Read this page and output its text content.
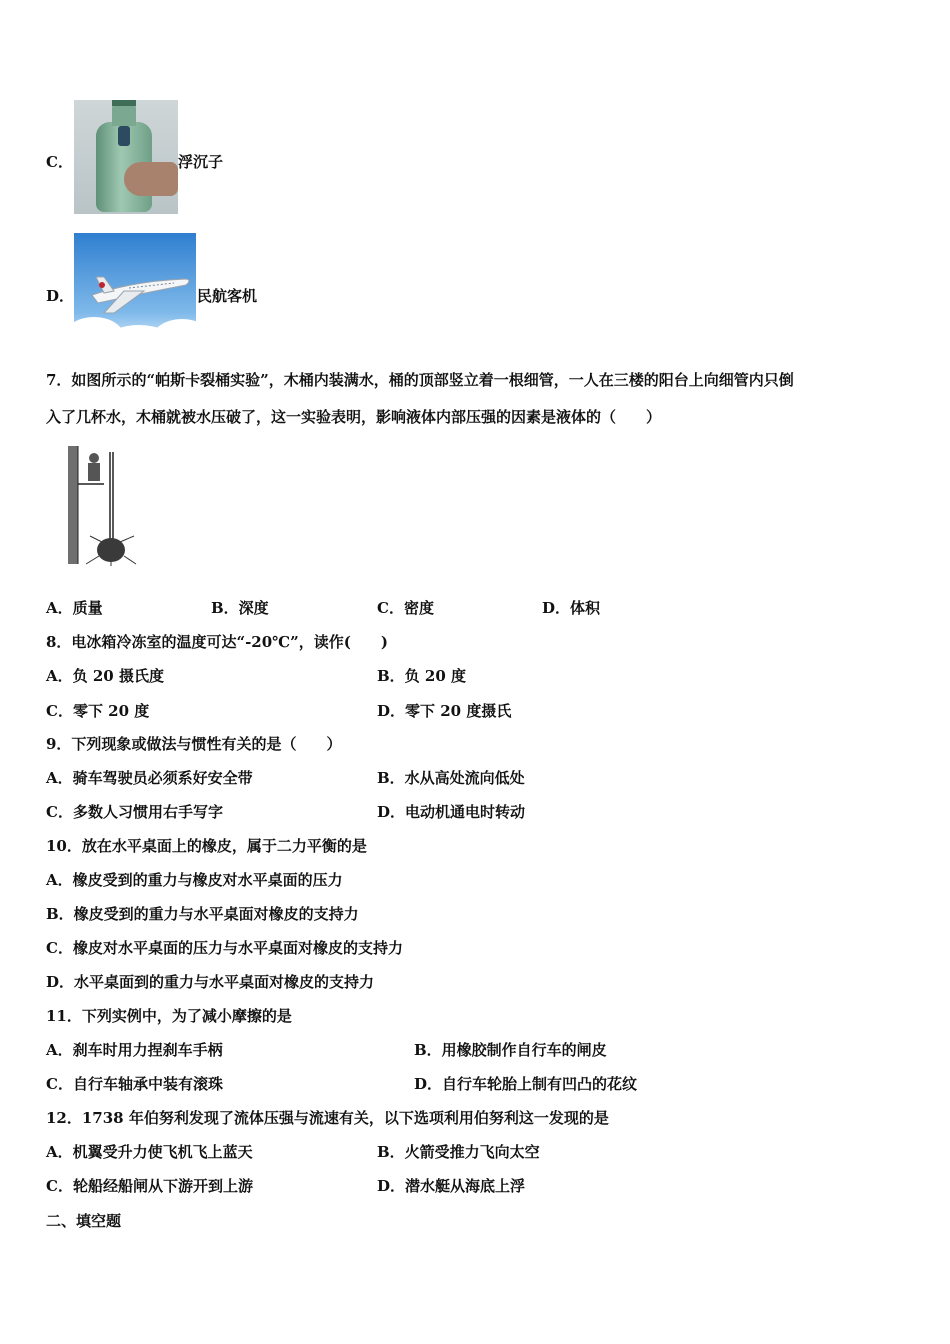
C．	浮沉子
D．	民航客机
7．如图所示的“帕斯卡裂桶实验”，木桶内装满水，桶的顶部竖立着一根细管，一人在三楼的阳台上向细管内只倒
入了几杯水，木桶就被水压破了，这一实验表明，影响液体内部压强的因素是液体的（　　）
A．质量	B．深度	C．密度	D．体积
8．电冰箱冷冻室的温度可达“-20℃”，读作(　　)
A．负 20 摄氏度	B．负 20 度
C．零下 20 度	D．零下 20 度摄氏
9．下列现象或做法与惯性有关的是（　　）
A．骑车驾驶员必须系好安全带	B．水从高处流向低处
C．多数人习惯用右手写字	D．电动机通电时转动
10．放在水平桌面上的橡皮，属于二力平衡的是
A．橡皮受到的重力与橡皮对水平桌面的压力
B．橡皮受到的重力与水平桌面对橡皮的支持力
C．橡皮对水平桌面的压力与水平桌面对橡皮的支持力
D．水平桌面到的重力与水平桌面对橡皮的支持力
11．下列实例中，为了减小摩擦的是
A．刹车时用力捏刹车手柄	B．用橡胶制作自行车的闸皮
C．自行车轴承中装有滚珠	D．自行车轮胎上制有凹凸的花纹
12．1738 年伯努利发现了流体压强与流速有关，以下选项利用伯努利这一发现的是
A．机翼受升力使飞机飞上蓝天	B．火箭受推力飞向太空
C．轮船经船闸从下游开到上游	D．潜水艇从海底上浮
二、填空题
